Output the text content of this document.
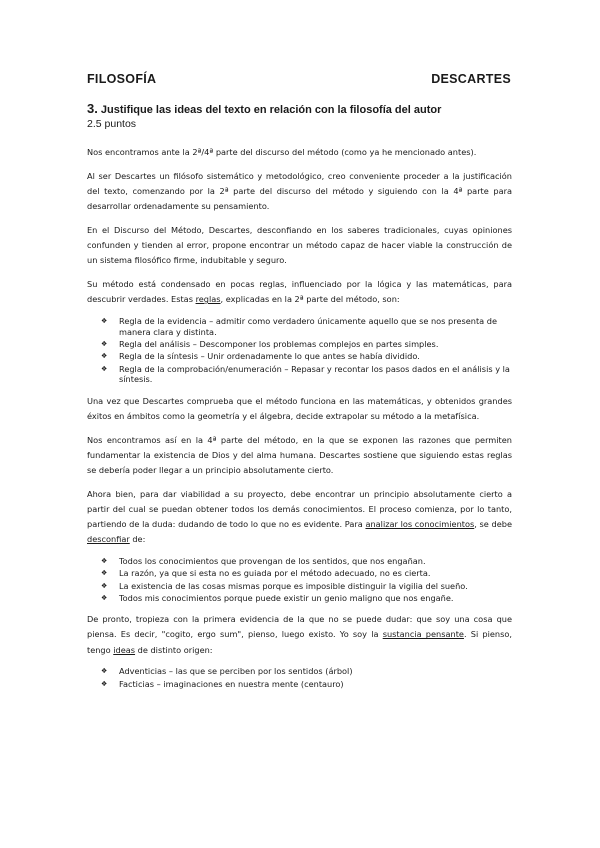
FILOSOFÍA	DESCARTES
3. Justifique las ideas del texto en relación con la filosofía del autor
2.5 puntos

Nos encontramos ante la 2ª/4ª parte del discurso del método (como ya he mencionado antes).

Al ser Descartes un filósofo sistemático y metodológico, creo conveniente proceder a la justificación del texto, comenzando por la 2ª parte del discurso del método y siguiendo con la 4ª parte para desarrollar ordenadamente su pensamiento.

En el Discurso del Método, Descartes, desconfiando en los saberes tradicionales, cuyas opiniones confunden y tienden al error, propone encontrar un método capaz de hacer viable la construcción de un sistema filosófico firme, indubitable y seguro.

Su método está condensado en pocas reglas, influenciado por la lógica y las matemáticas, para descubrir verdades. Estas reglas, explicadas en la 2ª parte del método, son:

❖ Regla de la evidencia – admitir como verdadero únicamente aquello que se nos presenta de manera clara y distinta.
❖ Regla del análisis – Descomponer los problemas complejos en partes simples.
❖ Regla de la síntesis – Unir ordenadamente lo que antes se había dividido.
❖ Regla de la comprobación/enumeración – Repasar y recontar los pasos dados en el análisis y la síntesis.

Una vez que Descartes comprueba que el método funciona en las matemáticas, y obtenidos grandes éxitos en ámbitos como la geometría y el álgebra, decide extrapolar su método a la metafísica.

Nos encontramos así en la 4ª parte del método, en la que se exponen las razones que permiten fundamentar la existencia de Dios y del alma humana. Descartes sostiene que siguiendo estas reglas se debería poder llegar a un principio absolutamente cierto.

Ahora bien, para dar viabilidad a su proyecto, debe encontrar un principio absolutamente cierto a partir del cual se puedan obtener todos los demás conocimientos. El proceso comienza, por lo tanto, partiendo de la duda: dudando de todo lo que no es evidente. Para analizar los conocimientos, se debe desconfiar de:

❖ Todos los conocimientos que provengan de los sentidos, que nos engañan.
❖ La razón, ya que si esta no es guiada por el método adecuado, no es cierta.
❖ La existencia de las cosas mismas porque es imposible distinguir la vigilia del sueño.
❖ Todos mis conocimientos porque puede existir un genio maligno que nos engañe.

De pronto, tropieza con la primera evidencia de la que no se puede dudar: que soy una cosa que piensa. Es decir, "cogito, ergo sum", pienso, luego existo. Yo soy la sustancia pensante. Si pienso, tengo ideas de distinto origen:

❖ Adventicias – las que se perciben por los sentidos (árbol)
❖ Facticias – imaginaciones en nuestra mente (centauro)
